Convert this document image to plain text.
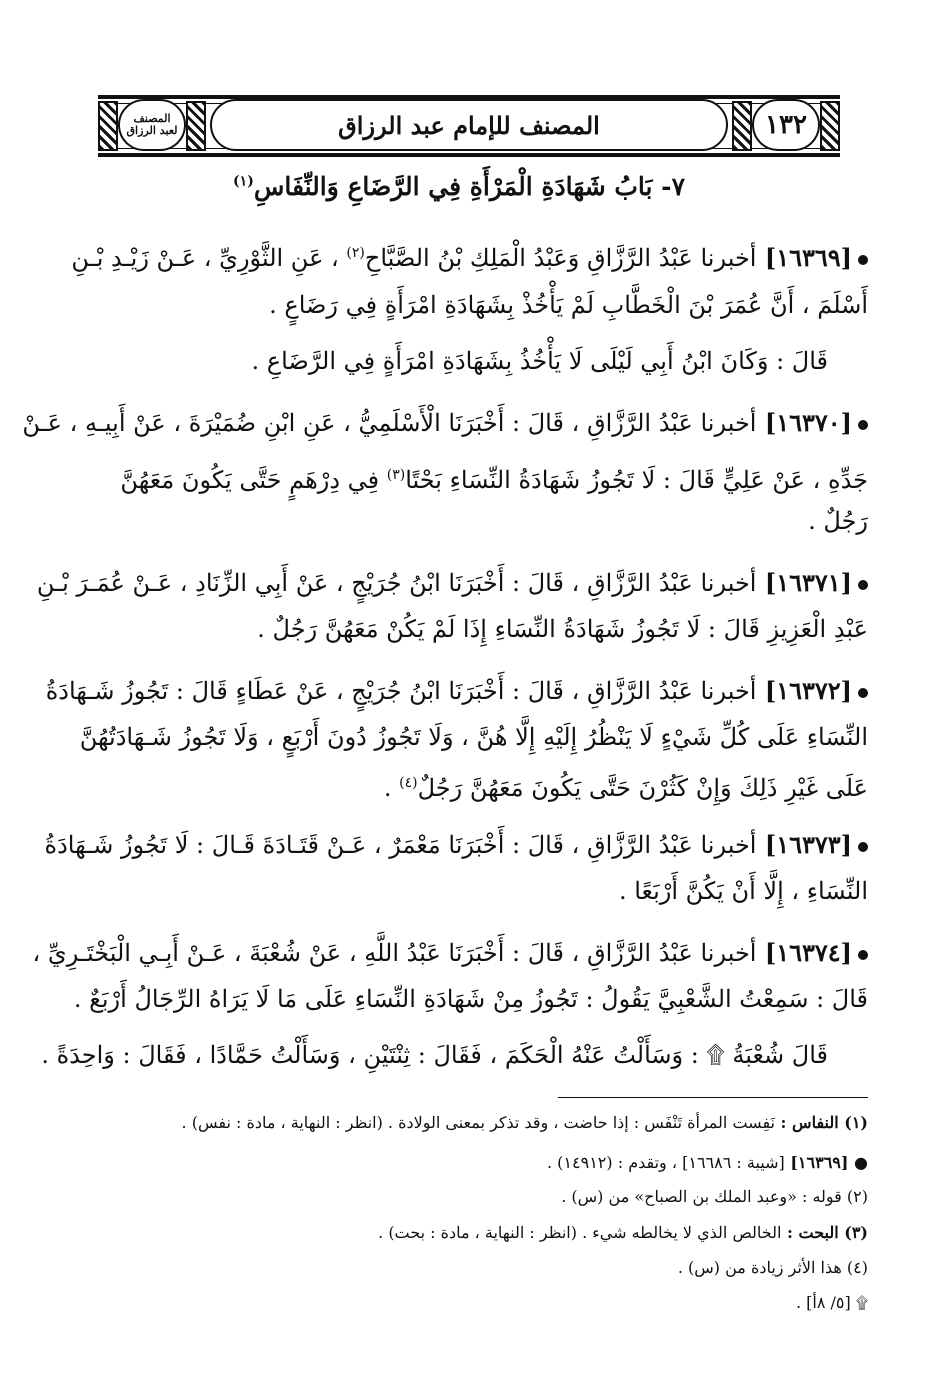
المصنف
لعبد الرزاق	المصنف للإمام عبد الرزاق	١٣٢
٧- بَابُ شَهَادَةِ الْمَرْأَةِ فِي الرَّضَاعِ وَالنِّفَاسِ$^{(١)}$
[١٦٣٦٩] أخبرنا عَبْدُ الرَّزَّاقِ وَعَبْدُ الْمَلِكِ بْنُ الصَّبَّاحِ$^{(٢)}$ ، عَنِ الثَّوْرِيِّ ، عَـنْ زَيْـدِ بْـنِ
أَسْلَمَ ، أَنَّ عُمَرَ بْنَ الْخَطَّابِ لَمْ يَأْخُذْ بِشَهَادَةِ امْرَأَةٍ فِي رَضَاعٍ .
قَالَ : وَكَانَ ابْنُ أَبِي لَيْلَى لَا يَأْخُذُ بِشَهَادَةِ امْرَأَةٍ فِي الرَّضَاعِ .
[١٦٣٧٠] أخبرنا عَبْدُ الرَّزَّاقِ ، قَالَ : أَخْبَرَنَا الْأَسْلَمِيُّ ، عَنِ ابْنِ ضُمَيْرَةَ ، عَنْ أَبِيـهِ ، عَـنْ
جَدِّهِ ، عَنْ عَلِيٍّ قَالَ : لَا تَجُوزُ شَهَادَةُ النِّسَاءِ بَحْتًا$^{(٣)}$ فِي دِرْهَمٍ حَتَّى يَكُونَ مَعَهُنَّ
رَجُلٌ .
[١٦٣٧١] أخبرنا عَبْدُ الرَّزَّاقِ ، قَالَ : أَخْبَرَنَا ابْنُ جُرَيْجٍ ، عَنْ أَبِي الزِّنَادِ ، عَـنْ عُمَـرَ بْـنِ
عَبْدِ الْعَزِيزِ قَالَ : لَا تَجُوزُ شَهَادَةُ النِّسَاءِ إِذَا لَمْ يَكُنْ مَعَهُنَّ رَجُلٌ .
[١٦٣٧٢] أخبرنا عَبْدُ الرَّزَّاقِ ، قَالَ : أَخْبَرَنَا ابْنُ جُرَيْجٍ ، عَنْ عَطَاءٍ قَالَ : تَجُوزُ شَـهَادَةُ
النِّسَاءِ عَلَى كُلِّ شَيْءٍ لَا يَنْظُرُ إِلَيْهِ إِلَّا هُنَّ ، وَلَا تَجُوزُ دُونَ أَرْبَعٍ ، وَلَا تَجُوزُ شَـهَادَتُهُنَّ
عَلَى غَيْرِ ذَلِكَ وَإِنْ كَثُرْنَ حَتَّى يَكُونَ مَعَهُنَّ رَجُلٌ$^{(٤)}$ .
[١٦٣٧٣] أخبرنا عَبْدُ الرَّزَّاقِ ، قَالَ : أَخْبَرَنَا مَعْمَرٌ ، عَـنْ قَتَـادَةَ قَـالَ : لَا تَجُوزُ شَـهَادَةُ
النِّسَاءِ ، إِلَّا أَنْ يَكُنَّ أَرْبَعًا .
[١٦٣٧٤] أخبرنا عَبْدُ الرَّزَّاقِ ، قَالَ : أَخْبَرَنَا عَبْدُ اللَّهِ ، عَنْ شُعْبَةَ ، عَـنْ أَبِـي الْبَخْتَـرِيِّ ،
قَالَ : سَمِعْتُ الشَّعْبِيَّ يَقُولُ : تَجُوزُ مِنْ شَهَادَةِ النِّسَاءِ عَلَى مَا لَا يَرَاهُ الرِّجَالُ أَرْبَعٌ .
قَالَ شُعْبَةُ ۩ : وَسَأَلْتُ عَنْهُ الْحَكَمَ ، فَقَالَ : ثِنْتَيْنِ ، وَسَأَلْتُ حَمَّادًا ، فَقَالَ : وَاحِدَةً .
(١) النفاس : نَفِست المرأة تَنْفَس : إذا حاضت ، وقد تذكر بمعنى الولادة . (انظر : النهاية ، مادة : نفس) .
● [١٦٣٦٩] [شيبة : ١٦٦٨٦] ، وتقدم : (١٤٩١٢) .
(٢) قوله : «وعبد الملك بن الصباح» من (س) .
(٣) البحت : الخالص الذي لا يخالطه شيء . (انظر : النهاية ، مادة : بحت) .
(٤) هذا الأثر زيادة من (س) .
۩ [٥/ ٨أ] .
